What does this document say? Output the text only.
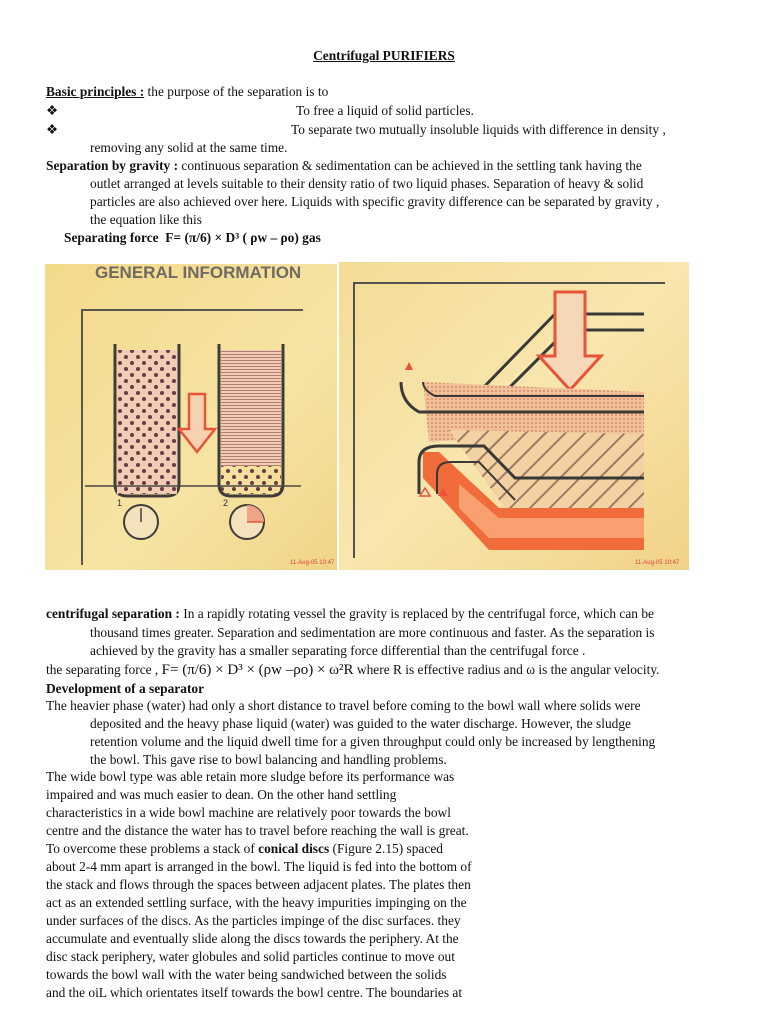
Centrifugal PURIFIERS
Basic principles : the purpose of the separation is to
❖	To free a liquid of solid particles.
❖	To separate two mutually insoluble liquids with difference in density ,
removing any solid at the same time.
Separation by gravity : continuous separation & sedimentation can be achieved in the settling tank having the
outlet arranged at levels suitable to their density ratio of two liquid phases. Separation of heavy & solid
particles are also achieved over here. Liquids with specific gravity difference can be separated by gravity ,
the equation like this
Separating force F= (π/6) × D³ ( ρw – ρo) gas
GENERAL INFORMATION
1	2
11-Aug-05 10:47	11-Aug-05 10:47
centrifugal separation : In a rapidly rotating vessel the gravity is replaced by the centrifugal force, which can be
thousand times greater. Separation and sedimentation are more continuous and faster. As the separation is
achieved by the gravity has a smaller separating force differential than the centrifugal force .
the separating force , F= (π/6) × D³ × (ρw –ρo) × ω²R where R is effective radius and ω is the angular velocity.
Development of a separator
The heavier phase (water) had only a short distance to travel before coming to the bowl wall where solids were
deposited and the heavy phase liquid (water) was guided to the water discharge. However, the sludge
retention volume and the liquid dwell time for a given throughput could only be increased by lengthening
the bowl. This gave rise to bowl balancing and handling problems.
The wide bowl type was able retain more sludge before its performance was
impaired and was much easier to dean. On the other hand settling
characteristics in a wide bowl machine are relatively poor towards the bowl
centre and the distance the water has to travel before reaching the wall is great.
To overcome these problems a stack of conical discs (Figure 2.15) spaced
about 2-4 mm apart is arranged in the bowl. The liquid is fed into the bottom of
the stack and flows through the spaces between adjacent plates. The plates then
act as an extended settling surface, with the heavy impurities impinging on the
under surfaces of the discs. As the particles impinge of the disc surfaces. they
accumulate and eventually slide along the discs towards the periphery. At the
disc stack periphery, water globules and solid particles continue to move out
towards the bowl wall with the water being sandwiched between the solids
and the oiL which orientates itself towards the bowl centre. The boundaries at
